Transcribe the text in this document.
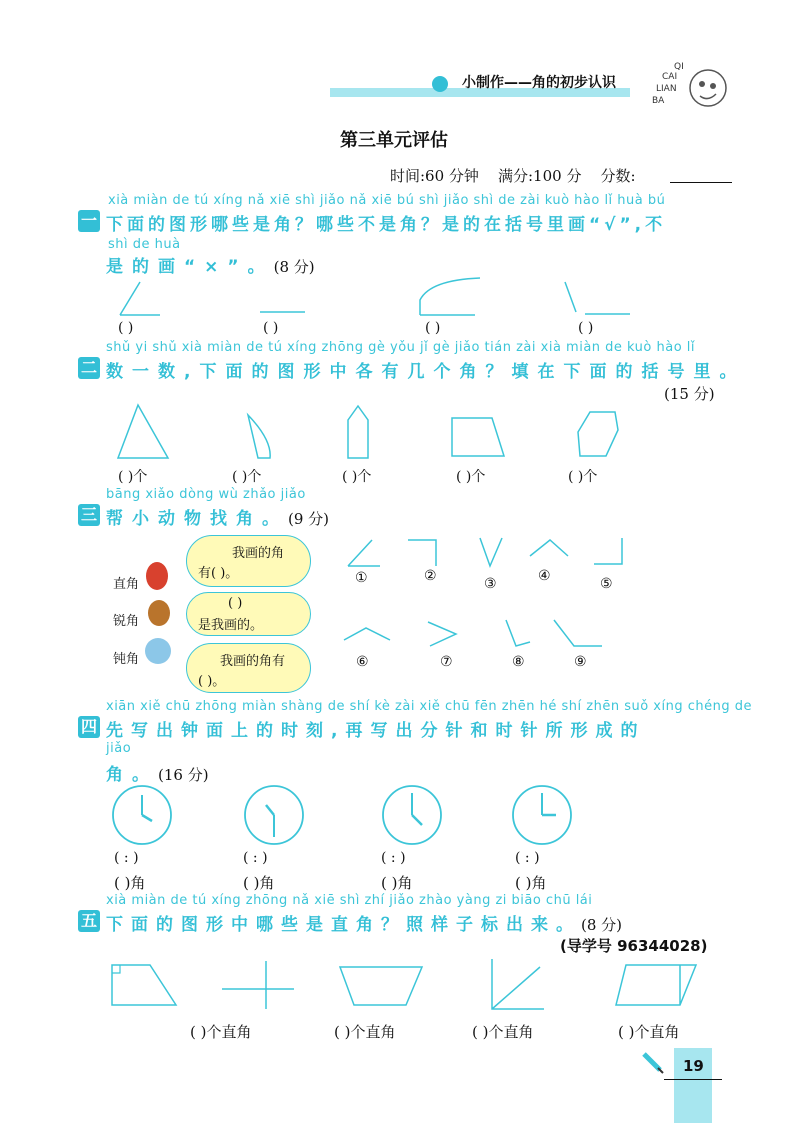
小制作——角的初步认识
QI
CAI
LIAN
BA
第三单元评估
时间:60 分钟 满分:100 分 分数:
xià miàn de tú xíng nǎ xiē shì jiǎo nǎ xiē bú shì jiǎo shì de zài kuò hào lǐ huà bú
一 下面的图形哪些是角？哪些不是角？是的在括号里画“√”,不
shì de huà
是的画“×”。(8 分)
( )	( )	( )	( )
shǔ yi shǔ xià miàn de tú xíng zhōng gè yǒu jǐ gè jiǎo tián zài xià miàn de kuò hào lǐ
二 数一数,下面的图形中各有几个角？填在下面的括号里。
(15 分)
( )个	( )个	( )个	( )个	( )个
bāng xiǎo dòng wù zhǎo jiǎo
三 帮小动物找角。(9 分)
直角
锐角
钝角
我画的角
有( )。
( )
是我画的。
我画的角有
( )。
①	②	③	④	⑤
⑥	⑦	⑧	⑨
xiān xiě chū zhōng miàn shàng de shí kè zài xiě chū fēn zhēn hé shí zhēn suǒ xíng chéng de
四 先写出钟面上的时刻,再写出分针和时针所形成的
jiǎo
角。(16 分)
( : )	( : )	( : )	( : )
( )角	( )角	( )角	( )角
xià miàn de tú xíng zhōng nǎ xiē shì zhí jiǎo zhào yàng zi biāo chū lái
五 下面的图形中哪些是直角？照样子标出来。(8 分)
(导学号 96344028)
( )个直角	( )个直角	( )个直角	( )个直角
19
